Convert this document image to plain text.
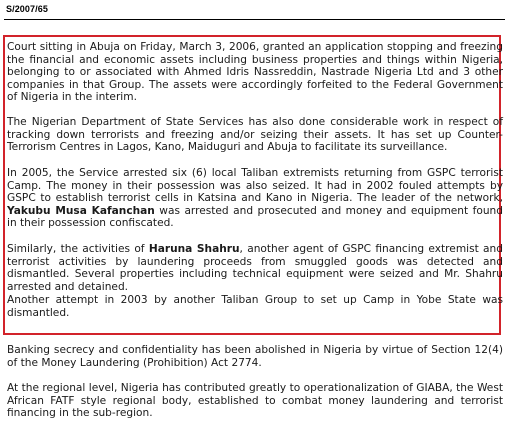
S/2007/65

Court sitting in Abuja on Friday, March 3, 2006, granted an application stopping and freezing the financial and economic assets including business properties and things within Nigeria, belonging to or associated with Ahmed Idris Nassreddin, Nastrade Nigeria Ltd and 3 other companies in that Group. The assets were accordingly forfeited to the Federal Government of Nigeria in the interim.

The Nigerian Department of State Services has also done considerable work in respect of tracking down terrorists and freezing and/or seizing their assets. It has set up Counter-Terrorism Centres in Lagos, Kano, Maiduguri and Abuja to facilitate its surveillance.

In 2005, the Service arrested six (6) local Taliban extremists returning from GSPC terrorist Camp. The money in their possession was also seized. It had in 2002 fouled attempts by GSPC to establish terrorist cells in Katsina and Kano in Nigeria. The leader of the network, Yakubu Musa Kafanchan was arrested and prosecuted and money and equipment found in their possession confiscated.

Similarly, the activities of Haruna Shahru, another agent of GSPC financing extremist and terrorist activities by laundering proceeds from smuggled goods was detected and dismantled. Several properties including technical equipment were seized and Mr. Shahru arrested and detained.

Another attempt in 2003 by another Taliban Group to set up Camp in Yobe State was dismantled.

Banking secrecy and confidentiality has been abolished in Nigeria by virtue of Section 12(4) of the Money Laundering (Prohibition) Act 2774.

At the regional level, Nigeria has contributed greatly to operationalization of GIABA, the West African FATF style regional body, established to combat money laundering and terrorist financing in the sub-region.
